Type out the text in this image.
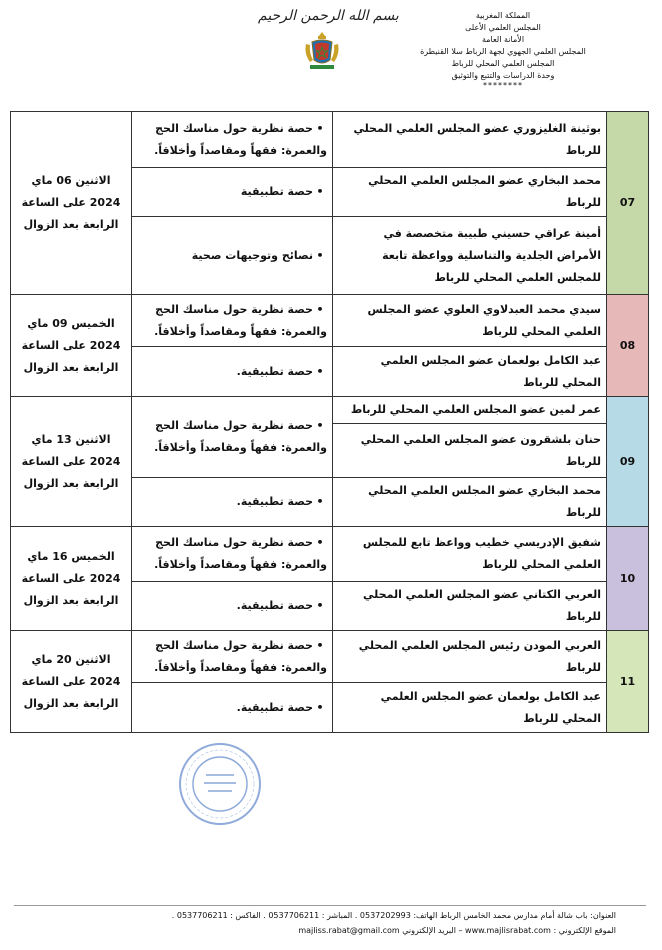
بسم الله الرحمن الرحيم	المملكة المغربية
المجلس العلمي الأعلى
الأمانة العامة
المجلس العلمي الجهوي لجهة الرباط سلا القنيطرة
المجلس العلمي المحلي للرباط
وحدة الدراسات والتتبع والتوثيق
********
07	بوثينة الغليزوري عضو المجلس العلمي المحلي للرباط	•حصة نظرية حول مناسك الحج والعمرة: فقهاً ومقاصداً وأخلاقاً.	الاثنين 06 ماي
2024 على الساعة
الرابعة بعد الزوال

	محمد البخاري عضو المجلس العلمي المحلي للرباط	•حصة تطبيقية	
	أمينة عراقي حسيني طبيبة متخصصة في الأمراض الجلدية والتناسلية وواعظة تابعة للمجلس العلمي المحلي للرباط	•نصائح وتوجيهات صحية	
08	سيدي محمد العبدلاوي العلوي عضو المجلس العلمي المحلي للرباط	•حصة نظرية حول مناسك الحج والعمرة: فقهاً ومقاصداً وأخلاقاً.	الخميس 09 ماي
2024 على الساعة
الرابعة بعد الزوال

	عبد الكامل بولعمان عضو المجلس العلمي المحلي للرباط	•حصة تطبيقية.	
09	عمر لمين عضو المجلس العلمي المحلي للرباط	•حصة نظرية حول مناسك الحج والعمرة: فقهاً ومقاصداً وأخلاقاً.	الاثنين 13 ماي
2024 على الساعة
الرابعة بعد الزوال

	حنان بلشقرون عضو المجلس العلمي المحلي للرباط		
	محمد البخاري عضو المجلس العلمي المحلي للرباط	•حصة تطبيقية.	
10	شفيق الإدريسي خطيب وواعظ تابع للمجلس العلمي المحلي للرباط	•حصة نظرية حول مناسك الحج والعمرة: فقهاً ومقاصداً وأخلاقاً.	الخميس 16 ماي
2024 على الساعة
الرابعة بعد الزوال

	العربي الكتاني عضو المجلس العلمي المحلي للرباط	•حصة تطبيقية.	
11	العربي المودن رئيس المجلس العلمي المحلي للرباط	•حصة نظرية حول مناسك الحج والعمرة: فقهاً ومقاصداً وأخلاقاً.	الاثنين 20 ماي
2024 على الساعة
الرابعة بعد الزوال

	عبد الكامل بولعمان عضو المجلس العلمي المحلي للرباط	•حصة تطبيقية.	
العنوان: باب شالة أمام مدارس محمد الخامس الرباط الهاتف: 0537202993 . المباشر : 0537706211 . الفاكس : 0537706211 .
الموقع الإلكتروني : www.majlisrabat.com – البريد الإلكتروني majliss.rabat@gmail.com
